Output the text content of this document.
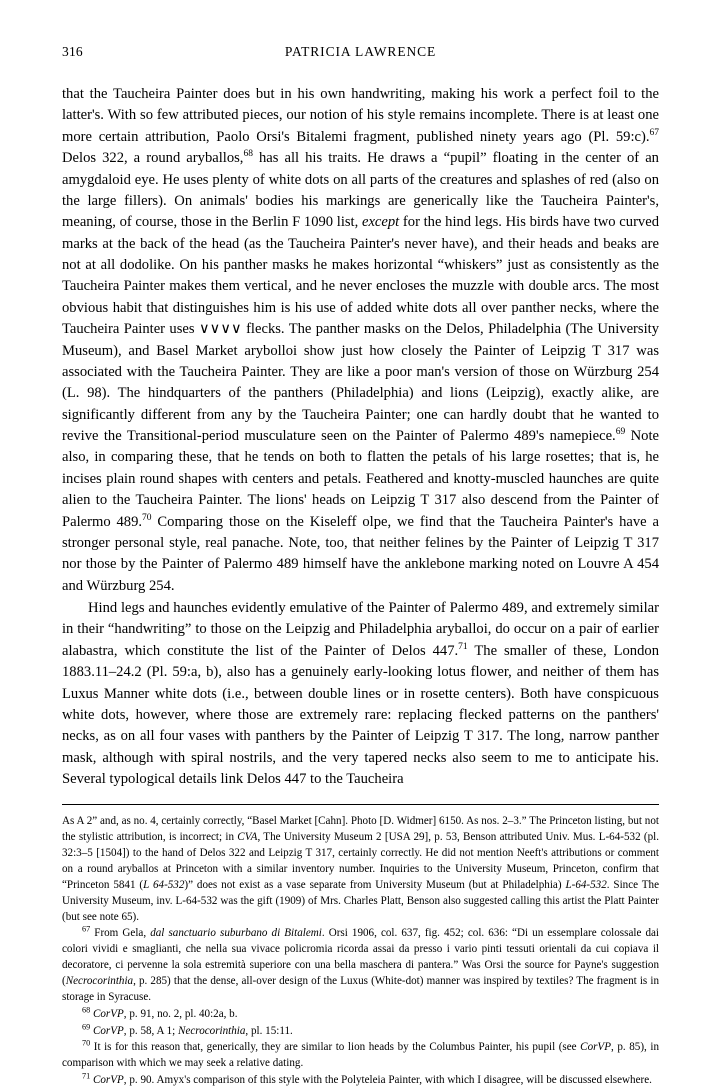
316	PATRICIA LAWRENCE

that the Taucheira Painter does but in his own handwriting, making his work a perfect foil to the latter's. With so few attributed pieces, our notion of his style remains incomplete. There is at least one more certain attribution, Paolo Orsi's Bitalemi fragment, published ninety years ago (Pl. 59:c).$^{67}$ Delos 322, a round aryballos,$^{68}$ has all his traits. He draws a “pupil” floating in the center of an amygdaloid eye. He uses plenty of white dots on all parts of the creatures and splashes of red (also on the large fillers). On animals' bodies his markings are generically like the Taucheira Painter's, meaning, of course, those in the Berlin F 1090 list, except for the hind legs. His birds have two curved marks at the back of the head (as the Taucheira Painter's never have), and their heads and beaks are not at all dodolike. On his panther masks he makes horizontal “whiskers” just as consistently as the Taucheira Painter makes them vertical, and he never encloses the muzzle with double arcs. The most obvious habit that distinguishes him is his use of added white dots all over panther necks, where the Taucheira Painter uses ∨∨∨∨ flecks. The panther masks on the Delos, Philadelphia (The University Museum), and Basel Market arybolloi show just how closely the Painter of Leipzig T 317 was associated with the Taucheira Painter. They are like a poor man's version of those on Würzburg 254 (L. 98). The hindquarters of the panthers (Philadelphia) and lions (Leipzig), exactly alike, are significantly different from any by the Taucheira Painter; one can hardly doubt that he wanted to revive the Transitional-period musculature seen on the Painter of Palermo 489's namepiece.$^{69}$ Note also, in comparing these, that he tends on both to flatten the petals of his large rosettes; that is, he incises plain round shapes with centers and petals. Feathered and knotty-muscled haunches are quite alien to the Taucheira Painter. The lions' heads on Leipzig T 317 also descend from the Painter of Palermo 489.70 Comparing those on the Kiseleff olpe, we find that the Taucheira Painter's have a stronger personal style, real panache. Note, too, that neither felines by the Painter of Leipzig T 317 nor those by the Painter of Palermo 489 himself have the anklebone marking noted on Louvre A 454 and Würzburg 254.

Hind legs and haunches evidently emulative of the Painter of Palermo 489, and extremely similar in their “handwriting” to those on the Leipzig and Philadelphia aryballoi, do occur on a pair of earlier alabastra, which constitute the list of the Painter of Delos 447.71 The smaller of these, London 1883.11–24.2 (Pl. 59:a, b), also has a genuinely early-looking lotus flower, and neither of them has Luxus Manner white dots (i.e., between double lines or in rosette centers). Both have conspicuous white dots, however, where those are extremely rare: replacing flecked patterns on the panthers' necks, as on all four vases with panthers by the Painter of Leipzig T 317. The long, narrow panther mask, although with spiral nostrils, and the very tapered necks also seem to me to anticipate his. Several typological details link Delos 447 to the Taucheira

As A 2” and, as no. 4, certainly correctly, “Basel Market [Cahn]. Photo [D. Widmer] 6150. As nos. 2–3.” The Princeton listing, but not the stylistic attribution, is incorrect; in CVA, The University Museum 2 [USA 29], p. 53, Benson attributed Univ. Mus. L-64-532 (pl. 32:3–5 [1504]) to the hand of Delos 322 and Leipzig T 317, certainly correctly. He did not mention Neeft's attributions or comment on a round aryballos at Princeton with a similar inventory number. Inquiries to the University Museum, Princeton, confirm that “Princeton 5841 (L 64-532)” does not exist as a vase separate from University Museum (but at Philadelphia) L-64-532. Since The University Museum, inv. L-64-532 was the gift (1909) of Mrs. Charles Platt, Benson also suggested calling this artist the Platt Painter (but see note 65).

$^{67}$ From Gela, dal sanctuario suburbano di Bitalemi. Orsi 1906, col. 637, fig. 452; col. 636: “Di un essemplare colossale dai colori vividi e smaglianti, che nella sua vivace policromia ricorda assai da presso i vario pinti tessuti orientali da cui copiava il decoratore, ci pervenne la sola estremità superiore con una bella maschera di pantera.” Was Orsi the source for Payne's suggestion (Necrocorinthia, p. 285) that the dense, all-over design of the Luxus (White-dot) manner was inspired by textiles? The fragment is in storage in Syracuse.

$^{68}$ CorVP, p. 91, no. 2, pl. 40:2a, b.

$^{69}$ CorVP, p. 58, A 1; Necrocorinthia, pl. 15:11.

$^{70}$ It is for this reason that, generically, they are similar to lion heads by the Columbus Painter, his pupil (see CorVP, p. 85), in comparison with which we may seek a relative dating.

$^{71}$ CorVP, p. 90. Amyx's comparison of this style with the Polyteleia Painter, with which I disagree, will be discussed elsewhere.
